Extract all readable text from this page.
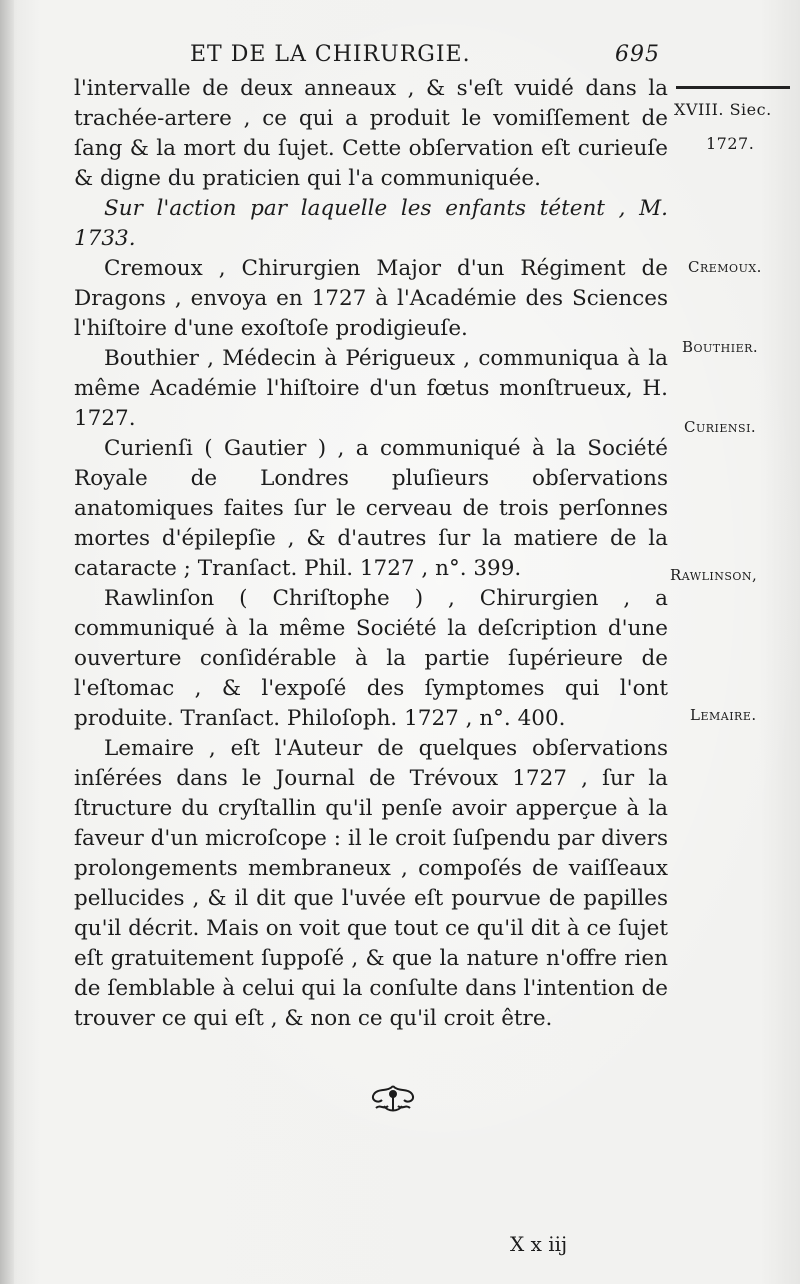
ET DE LA CHIRURGIE.	695

l'intervalle de deux anneaux , & s'eſt vuidé dans la trachée-artere , ce qui a produit le vomiſſement de ſang & la mort du ſujet. Cette obſervation eſt curieuſe & digne du praticien qui l'a communiquée.

Sur l'action par laquelle les enfants tétent , M. 1733.

Cremoux , Chirurgien Major d'un Régiment de Dragons , envoya en 1727 à l'Académie des Sciences l'hiſtoire d'une exoſtoſe prodigieuſe.

Bouthier , Médecin à Périgueux , communiqua à la même Académie l'hiſtoire d'un fœtus monſtrueux, H. 1727.

Curienſi ( Gautier ) , a communiqué à la Société Royale de Londres pluſieurs obſervations anatomiques faites ſur le cerveau de trois perſonnes mortes d'épilepſie , & d'autres ſur la matiere de la cataracte ; Tranſact. Phil. 1727 , n°. 399.

Rawlinſon ( Chriſtophe ) , Chirurgien , a communiqué à la même Société la deſcription d'une ouverture conſidérable à la partie ſupérieure de l'eſtomac , & l'expoſé des ſymptomes qui l'ont produite. Tranſact. Philoſoph. 1727 , n°. 400.

Lemaire , eſt l'Auteur de quelques obſervations inſérées dans le Journal de Trévoux 1727 , ſur la ſtructure du cryſtallin qu'il penſe avoir apperçue à la faveur d'un microſcope : il le croit ſuſpendu par divers prolongements membraneux , compoſés de vaiſſeaux pellucides , & il dit que l'uvée eſt pourvue de papilles qu'il décrit. Mais on voit que tout ce qu'il dit à ce ſujet eſt gratuitement ſuppoſé , & que la nature n'offre rien de ſemblable à celui qui la conſulte dans l'intention de trouver ce qui eſt , & non ce qu'il croit être.

XVIII. Siec.
1727.
Cremoux.
Bouthier.
Curiensi.
Rawlinson,
Lemaire.
X x iij
